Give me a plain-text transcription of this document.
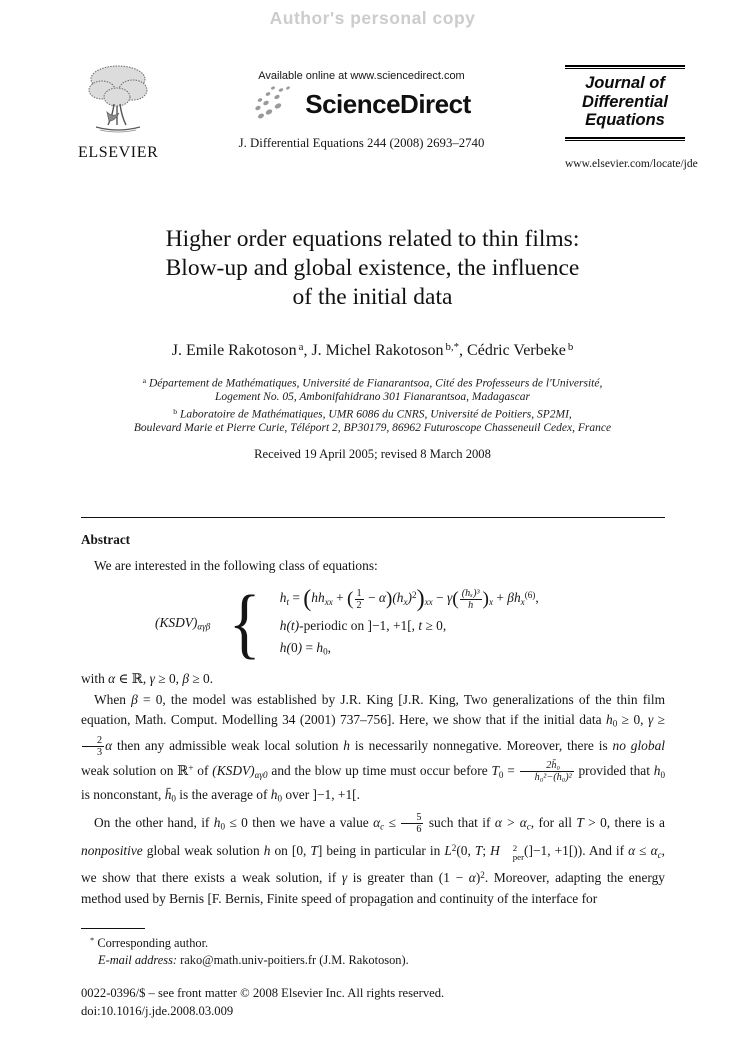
Author's personal copy
ELSEVIER
Available online at www.sciencedirect.com
ScienceDirect
J. Differential Equations 244 (2008) 2693–2740
Journal of
Differential
Equations
www.elsevier.com/locate/jde
Higher order equations related to thin films:
Blow-up and global existence, the influence
of the initial data
J. Emile Rakotoson $^a$, J. Michel Rakotoson $^{b,*}$, Cédric Verbeke $^b$
$^a$ Département de Mathématiques, Université de Fianarantsoa, Cité des Professeurs de l'Université,
Logement No. 05, Ambonifahidrano 301 Fianarantsoa, Madagascar
$^b$ Laboratoire de Mathématiques, UMR 6086 du CNRS, Université de Poitiers, SP2MI,
Boulevard Marie et Pierre Curie, Téléport 2, BP30179, 86962 Futuroscope Chasseneuil Cedex, France
Received 19 April 2005; revised 8 March 2008
Abstract

We are interested in the following class of equations:

$(KSDV)_{\alpha\gamma\beta}$ { $h_t = (hh_{xx}$ + ( $\frac{1}{2} - \alpha)(h_x)^2)_{xx} - \gamma( \frac{\text{(hₓ)³}}{h} )_x + \beta h_x^{(6)}$,
h(t)-periodic on ]−1, +1[, t ≥ 0,
$h(0) = h_0$,

with α ∈ ℝ, γ ≥ 0, β ≥ 0.

When β = 0, the model was established by J.R. King [J.R. King, Two generalizations of the thin film equation, Math. Comput. Modelling 34 (2001) 737–756]. Here, we show that if the initial data $h_0 \ge 0$, γ ≥
$\frac{2}{3}$ α then any admissible weak local solution h is necessarily nonnegative. Moreover, there is no global weak solution on ℝ+ of $(KSDV)_{\alpha\gamma 0}$ and the blow up time must occur before $T_0 = \frac{\text{2h̄₀}}{\text{h̄₀²−(h̄₀)²}}$ provided that $h_0$ is nonconstant, $h̄_0$ is the average of $h_0$ over ]−1, +1[.

On the other hand, if $h_0 \le 0$ then we have a value $\alpha_c \le \frac{5}{6}$ such that if $\alpha > \alpha_c$, for all T > 0, there is a nonpositive global weak solution h on [0, T] being in particular in $L^2(0$, T; H	2
per (]−1, +1[)). And if $\alpha \le \alpha_c$, we show that there exists a weak solution, if γ is greater than $(1 - \alpha)^2$. Moreover, adapting the energy method used by Bernis [F. Bernis, Finite speed of propagation and continuity of the interface for

* Corresponding author.

E-mail address: rako@math.univ-poitiers.fr (J.M. Rakotoson).

0022-0396/$ – see front matter © 2008 Elsevier Inc. All rights reserved.
doi:10.1016/j.jde.2008.03.009
